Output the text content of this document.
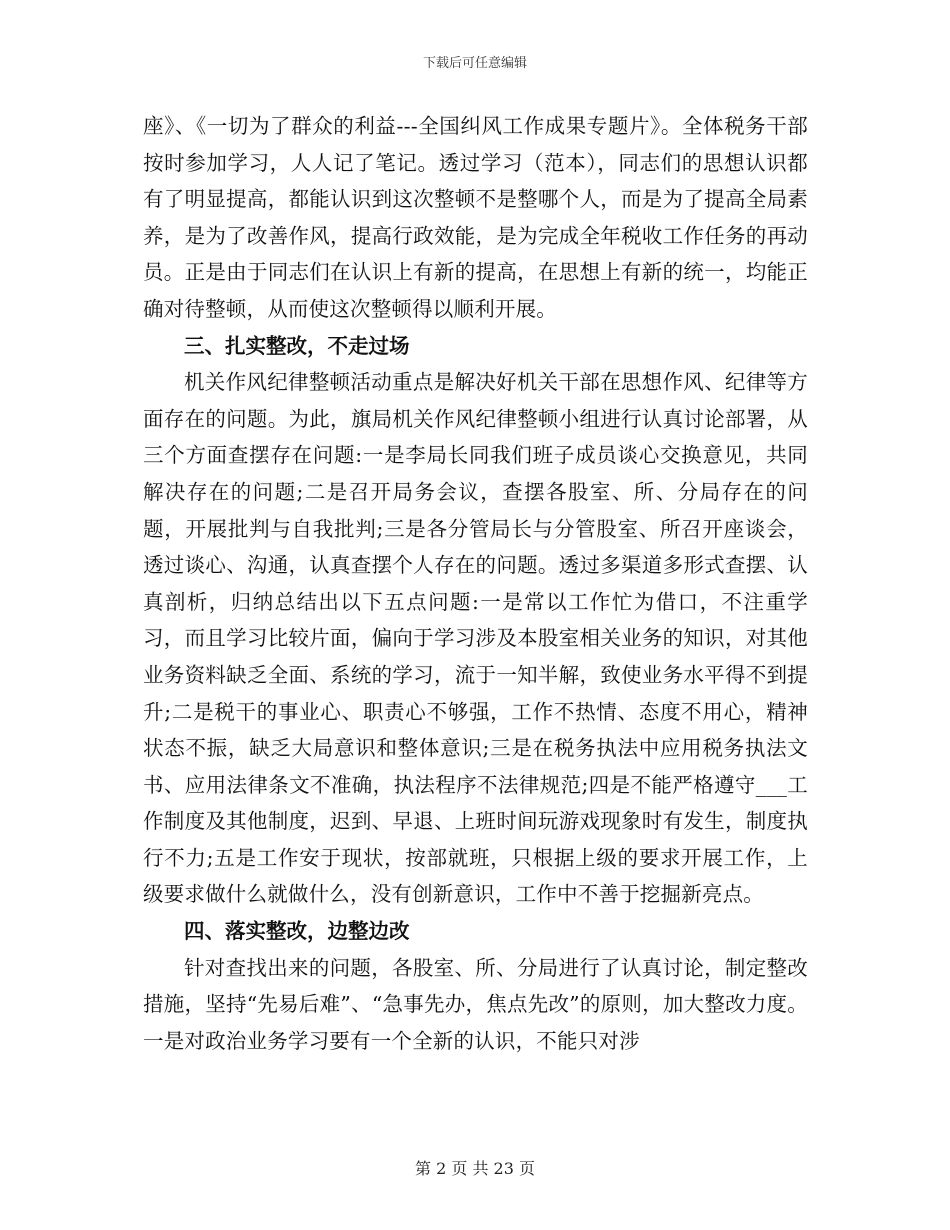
下载后可任意编辑

座》、《一切为了群众的利益---全国纠风工作成果专题片》。全体税务干部按时参加学习，人人记了笔记。透过学习（范本），同志们的思想认识都有了明显提高，都能认识到这次整顿不是整哪个人，而是为了提高全局素养，是为了改善作风，提高行政效能，是为完成全年税收工作任务的再动员。正是由于同志们在认识上有新的提高，在思想上有新的统一，均能正确对待整顿，从而使这次整顿得以顺利开展。

三、扎实整改，不走过场

机关作风纪律整顿活动重点是解决好机关干部在思想作风、纪律等方面存在的问题。为此，旗局机关作风纪律整顿小组进行认真讨论部署，从三个方面查摆存在问题:一是李局长同我们班子成员谈心交换意见，共同解决存在的问题;二是召开局务会议，查摆各股室、所、分局存在的问题，开展批判与自我批判;三是各分管局长与分管股室、所召开座谈会，透过谈心、沟通，认真查摆个人存在的问题。透过多渠道多形式查摆、认真剖析，归纳总结出以下五点问题:一是常以工作忙为借口，不注重学习，而且学习比较片面，偏向于学习涉及本股室相关业务的知识，对其他业务资料缺乏全面、系统的学习，流于一知半解，致使业务水平得不到提升;二是税干的事业心、职责心不够强，工作不热情、态度不用心，精神状态不振，缺乏大局意识和整体意识;三是在税务执法中应用税务执法文书、应用法律条文不准确，执法程序不法律规范;四是不能严格遵守___工作制度及其他制度，迟到、早退、上班时间玩游戏现象时有发生，制度执行不力;五是工作安于现状，按部就班，只根据上级的要求开展工作，上级要求做什么就做什么，没有创新意识，工作中不善于挖掘新亮点。

四、落实整改，边整边改

针对查找出来的问题，各股室、所、分局进行了认真讨论，制定整改措施，坚持“先易后难”、“急事先办，焦点先改”的原则，加大整改力度。一是对政治业务学习要有一个全新的认识，不能只对涉

第 2 页 共 23 页
